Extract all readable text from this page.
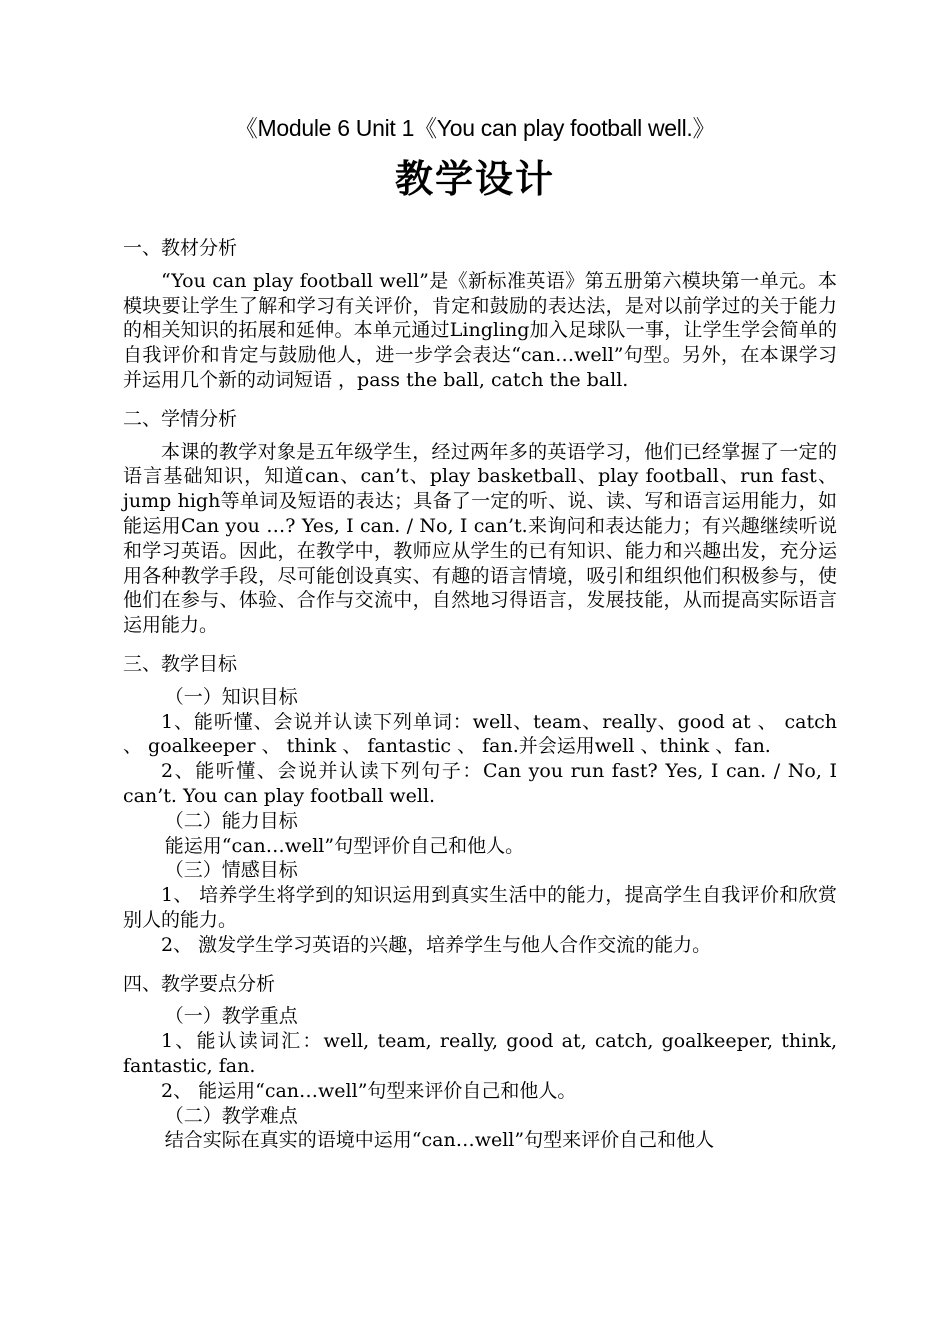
《Module 6 Unit 1《You can play football well.》
教学设计
一、教材分析

“You can play football well”是《新标准英语》第五册第六模块第一单元。本模块要让学生了解和学习有关评价，肯定和鼓励的表达法，是对以前学过的关于能力的相关知识的拓展和延伸。本单元通过Lingling加入足球队一事，让学生学会简单的自我评价和肯定与鼓励他人，进一步学会表达“can…well”句型。另外，在本课学习并运用几个新的动词短语 ，pass the ball, catch the ball.

二、学情分析

本课的教学对象是五年级学生，经过两年多的英语学习，他们已经掌握了一定的语言基础知识，知道can、can’t、play basketball、play football、run fast、jump high等单词及短语的表达；具备了一定的听、说、读、写和语言运用能力，如能运用Can you …? Yes, I can. / No, I can’t.来询问和表达能力；有兴趣继续听说和学习英语。因此，在教学中，教师应从学生的已有知识、能力和兴趣出发，充分运用各种教学手段，尽可能创设真实、有趣的语言情境，吸引和组织他们积极参与，使他们在参与、体验、合作与交流中，自然地习得语言，发展技能，从而提高实际语言运用能力。

三、教学目标

（一）知识目标

1、能听懂、会说并认读下列单词：well、team、really、good at 、 catch 、 goalkeeper 、 think 、 fantastic 、 fan.并会运用well 、think 、fan.

2、能听懂、会说并认读下列句子：Can you run fast? Yes, I can. / No, I can’t. You can play football well.

（二）能力目标

能运用“can…well”句型评价自己和他人。

（三）情感目标

1、 培养学生将学到的知识运用到真实生活中的能力，提高学生自我评价和欣赏别人的能力。

2、 激发学生学习英语的兴趣，培养学生与他人合作交流的能力。

四、教学要点分析

（一）教学重点

1、能认读词汇：well, team, really, good at, catch, goalkeeper, think, fantastic, fan.

2、 能运用“can…well”句型来评价自己和他人。

（二）教学难点

结合实际在真实的语境中运用“can…well”句型来评价自己和他人
